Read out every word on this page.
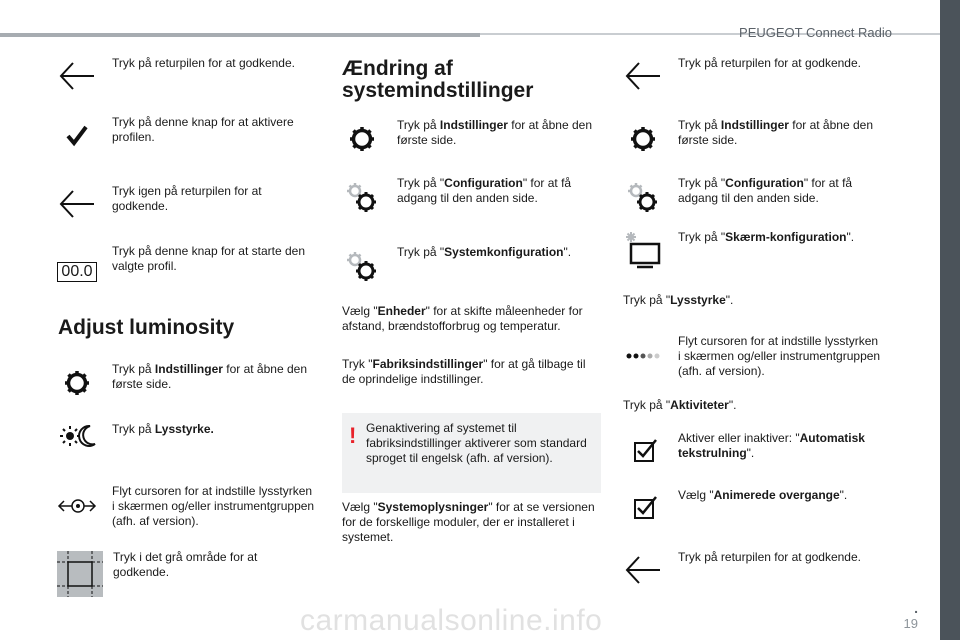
PEUGEOT Connect Radio
Tryk på returpilen for at godkende.
Tryk på denne knap for at aktivere profilen.
Tryk igen på returpilen for at godkende.
00.0
Tryk på denne knap for at starte den valgte profil.
Adjust luminosity
Tryk på Indstillinger for at åbne den første side.
Tryk på Lysstyrke.
Flyt cursoren for at indstille lysstyrken i skærmen og/eller instrumentgruppen (afh. af version).
Tryk i det grå område for at godkende.
Ændring af
systemindstillinger
Tryk på Indstillinger for at åbne den første side.
Tryk på "Configuration" for at få adgang til den anden side.
Tryk på "Systemkonfiguration".
Vælg "Enheder" for at skifte måleenheder for afstand, brændstofforbrug og temperatur.
Tryk "Fabriksindstillinger" for at gå tilbage til de oprindelige indstillinger.
! Genaktivering af systemet til fabriksindstillinger aktiverer som standard sproget til engelsk (afh. af version).
Vælg "Systemoplysninger" for at se versionen for de forskellige moduler, der er installeret i systemet.
Tryk på returpilen for at godkende.
Tryk på Indstillinger for at åbne den første side.
Tryk på "Configuration" for at få adgang til den anden side.
Tryk på "Skærm-konfiguration".
Tryk på "Lysstyrke".
Flyt cursoren for at indstille lysstyrken i skærmen og/eller instrumentgruppen (afh. af version).
Tryk på "Aktiviteter".
Aktiver eller inaktiver: "Automatisk tekstrulning".
Vælg "Animerede overgange".
Tryk på returpilen for at godkende.
.
19
carmanualsonline.info
